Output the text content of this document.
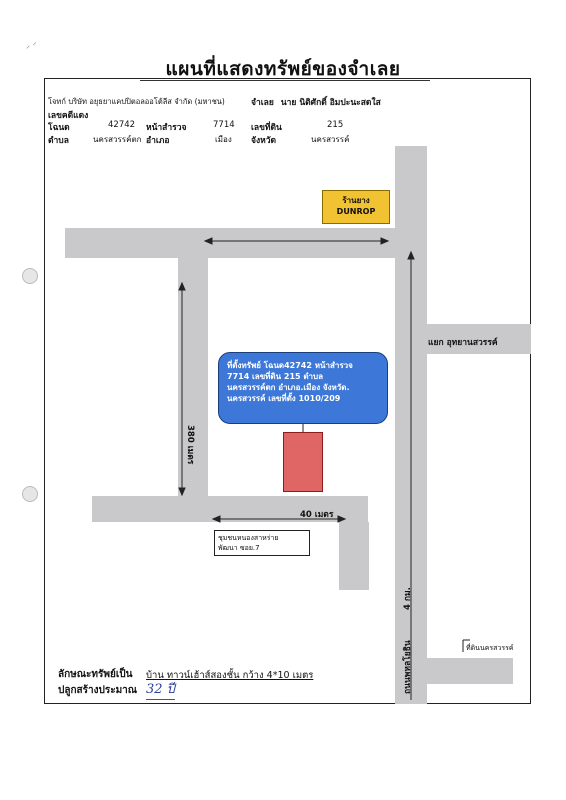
⸝ ⸍
แผนที่แสดงทรัพย์ของจำเลย
โจทก์ บริษัท อยุธยาแคปปิตอลออโต้ลีส จำกัด (มหาชน)	จำเลย นาย นิติศักดิ์ อิมปะนะสดใส
เลขคดีแดง
โฉนด	42742 หน้าสำรวจ	7714 เลขที่ดิน	215
ตำบล	นครสวรรค์ตก อำเภอ	เมือง จังหวัด	นครสวรรค์
ร้านยาง
DUNROP
ที่ตั้งทรัพย์ โฉนด42742 หน้าสำรวจ
7714 เลขที่ดิน 215 ตำบล
นครสวรรค์ตก อำเภอ.เมือง จังหวัด.
นครสวรรค์ เลขที่ตั้ง 1010/209
380 เมตร
40 เมตร
แยก อุทยานสวรรค์
ชุมชนหนองสาหร่าย
พัฒนา ซอย.7
4 กม.
ถนนพหลโยธิน	ที่ดินนครสวรรค์
ลักษณะทรัพย์เป็น บ้าน ทาวน์เฮ้าส์สองชั้น กว้าง 4*10 เมตร
ปลูกสร้างประมาณ 32 ปี
